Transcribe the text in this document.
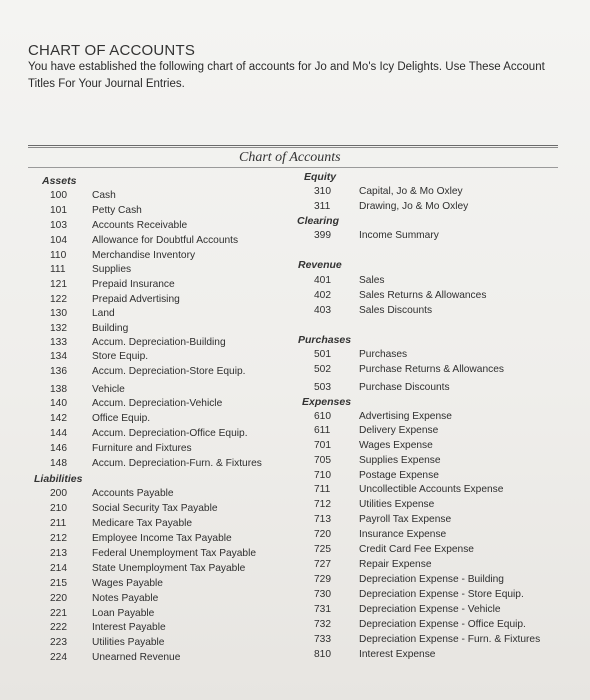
CHART OF ACCOUNTS
You have established the following chart of accounts for Jo and Mo's Icy Delights. Use These Account Titles For Your Journal Entries.
Chart of Accounts
Assets
Liabilities
Equity
Clearing
Revenue
Purchases
Expenses
100 Cash
101 Petty Cash
103 Accounts Receivable
104 Allowance for Doubtful Accounts
110	Merchandise Inventory
111	Supplies
121 Prepaid Insurance
122 Prepaid Advertising
130 Land
132 Building
133 Accum. Depreciation-Building
134 Store Equip.
136 Accum. Depreciation-Store Equip.
138 Vehicle
140 Accum. Depreciation-Vehicle
142 Office Equip.
144 Accum. Depreciation-Office Equip.
146 Furniture and Fixtures
148 Accum. Depreciation-Furn. & Fixtures
200 Accounts Payable
210 Social Security Tax Payable
211	Medicare Tax Payable
212 Employee Income Tax Payable
213 Federal Unemployment Tax Payable
214 State Unemployment Tax Payable
215 Wages Payable
220 Notes Payable
221 Loan Payable
222 Interest Payable
223 Utilities Payable
224 Unearned Revenue
310	Capital, Jo & Mo Oxley
311	Drawing, Jo & Mo Oxley
399	Income Summary
401	Sales
402	Sales Returns & Allowances
403	Sales Discounts
501	Purchases
502	Purchase Returns & Allowances
503	Purchase Discounts
610	Advertising Expense
611	Delivery Expense
701	Wages Expense
705	Supplies Expense
710	Postage Expense
711	Uncollectible Accounts Expense
712	Utilities Expense
713	Payroll Tax Expense
720	Insurance Expense
725	Credit Card Fee Expense
727	Repair Expense
729	Depreciation Expense - Building
730	Depreciation Expense - Store Equip.
731	Depreciation Expense - Vehicle
732	Depreciation Expense - Office Equip.
733	Depreciation Expense - Furn. & Fixtures
810	Interest Expense
